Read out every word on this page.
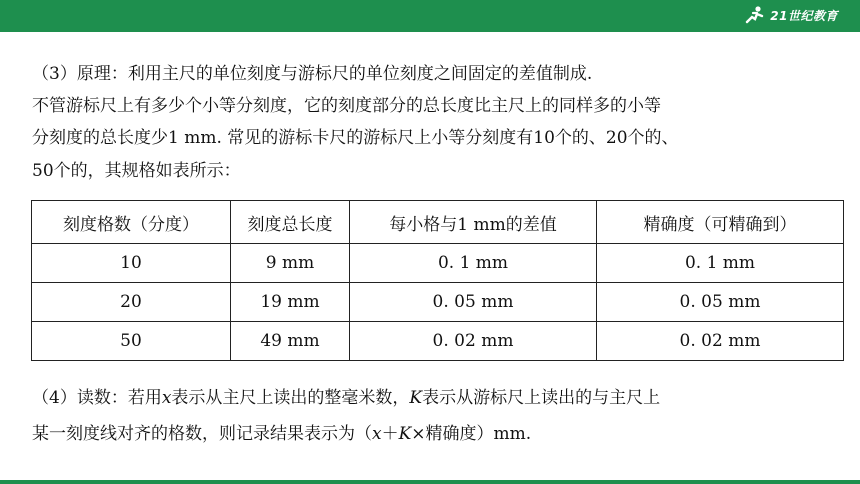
21世纪教育
（3）原理：利用主尺的单位刻度与游标尺的单位刻度之间固定的差值制成.
不管游标尺上有多少个小等分刻度，它的刻度部分的总长度比主尺上的同样多的小等
分刻度的总长度少1 mm. 常见的游标卡尺的游标尺上小等分刻度有10个的、20个的、
50个的，其规格如表所示：
刻度格数（分度）	刻度总长度	每小格与1 mm的差值	精确度（可精确到）
10	9 mm	0. 1 mm	0. 1 mm
20	19 mm	0. 05 mm	0. 05 mm
50	49 mm	0. 02 mm	0. 02 mm
（4）读数：若用x表示从主尺上读出的整毫米数，K表示从游标尺上读出的与主尺上
某一刻度线对齐的格数，则记录结果表示为（x＋K×精确度）mm.
